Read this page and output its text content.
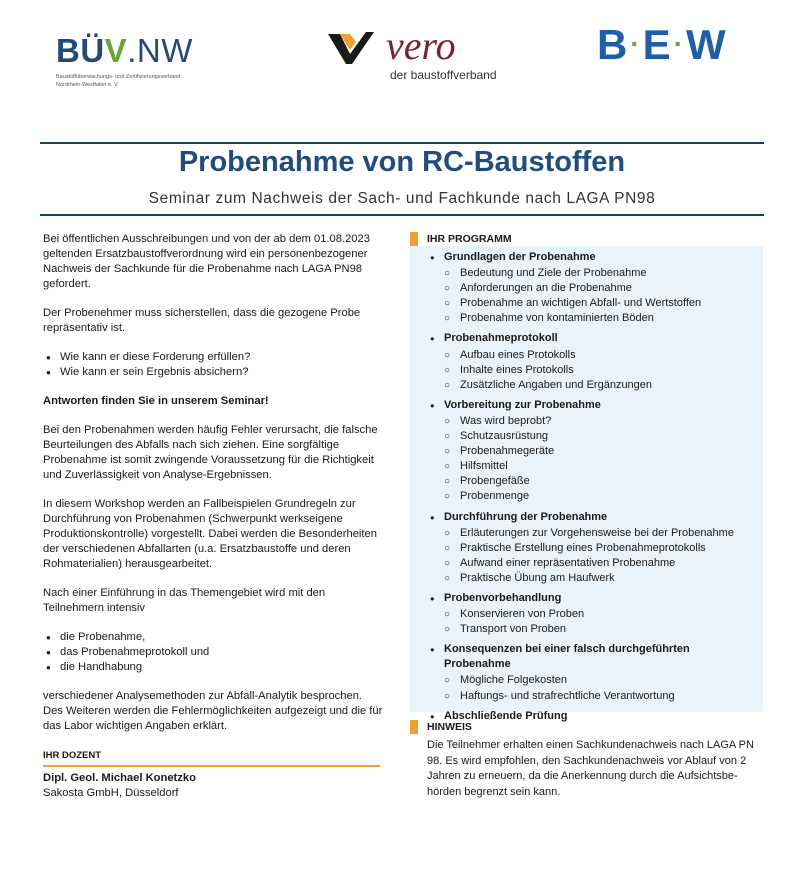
BÜV.NW
Baustoffüberwachungs- und Zertifizierungsverband
Nordrhein-Westfalen e. V.
vero
der baustoffverband
B·E·W
Probenahme von RC-Baustoffen
Seminar zum Nachweis der Sach- und Fachkunde nach LAGA PN98

Bei öffentlichen Ausschreibungen und von der ab dem 01.08.2023 geltenden Ersatzbaustoffverordnung wird ein personenbezogener Nachweis der Sachkunde für die Probenahme nach LAGA PN98 gefordert.

Der Probenehmer muss sicherstellen, dass die gezogene Probe repräsentativ ist.

● Wie kann er diese Forderung erfüllen?
● Wie kann er sein Ergebnis absichern?

Antworten finden Sie in unserem Seminar!

Bei den Probenahmen werden häufig Fehler verursacht, die falsche Beurteilungen des Abfalls nach sich ziehen. Eine sorgfältige Probenahme ist somit zwingende Voraussetzung für die Richtigkeit und Zuverlässigkeit von Analyse-Ergebnissen.

In diesem Workshop werden an Fallbeispielen Grundregeln zur Durchführung von Probenahmen (Schwerpunkt werkseigene Produktionskontrolle) vorgestellt. Dabei werden die Besonderheiten der verschiedenen Abfallarten (u.a. Ersatzbaustoffe und deren Rohmaterialien) herausgearbeitet.

Nach einer Einführung in das Themengebiet wird mit den Teilnehmern intensiv

● die Probenahme,
● das Probenahmeprotokoll und
● die Handhabung

verschiedener Analysemethoden zur Abfall-Analytik besprochen. Des Weiteren werden die Fehlermöglichkeiten aufgezeigt und die für das Labor wichtigen Angaben erklärt.

IHR DOZENT
Dipl. Geol. Michael Konetzko
Sakosta GmbH, Düsseldorf
IHR PROGRAMM
● Grundlagen der Probenahme
○ Bedeutung und Ziele der Probenahme
○ Anforderungen an die Probenahme
○ Probenahme an wichtigen Abfall- und Wertstoffen
○ Probenahme von kontaminierten Böden
● Probenahmeprotokoll
○ Aufbau eines Protokolls
○ Inhalte eines Protokolls
○ Zusätzliche Angaben und Ergänzungen
● Vorbereitung zur Probenahme
○ Was wird beprobt?
○ Schutzausrüstung
○ Probenahmegeräte
○ Hilfsmittel
○ Probengefäße
○ Probenmenge
● Durchführung der Probenahme
○ Erläuterungen zur Vorgehensweise bei der Probenahme
○ Praktische Erstellung eines Probenahmeprotokolls
○ Aufwand einer repräsentativen Probenahme
○ Praktische Übung am Haufwerk
● Probenvorbehandlung
○ Konservieren von Proben
○ Transport von Proben
● Konsequenzen bei einer falsch durchgeführten Probenahme
○ Mögliche Folgekosten
○ Haftungs- und strafrechtliche Verantwortung
● Abschließende Prüfung
HINWEIS
Die Teilnehmer erhalten einen Sachkundenachweis nach LAGA PN 98. Es wird empfohlen, den Sachkundenachweis vor Ablauf von 2 Jahren zu erneuern, da die Anerkennung durch die Aufsichtsbe-hörden begrenzt sein kann.
